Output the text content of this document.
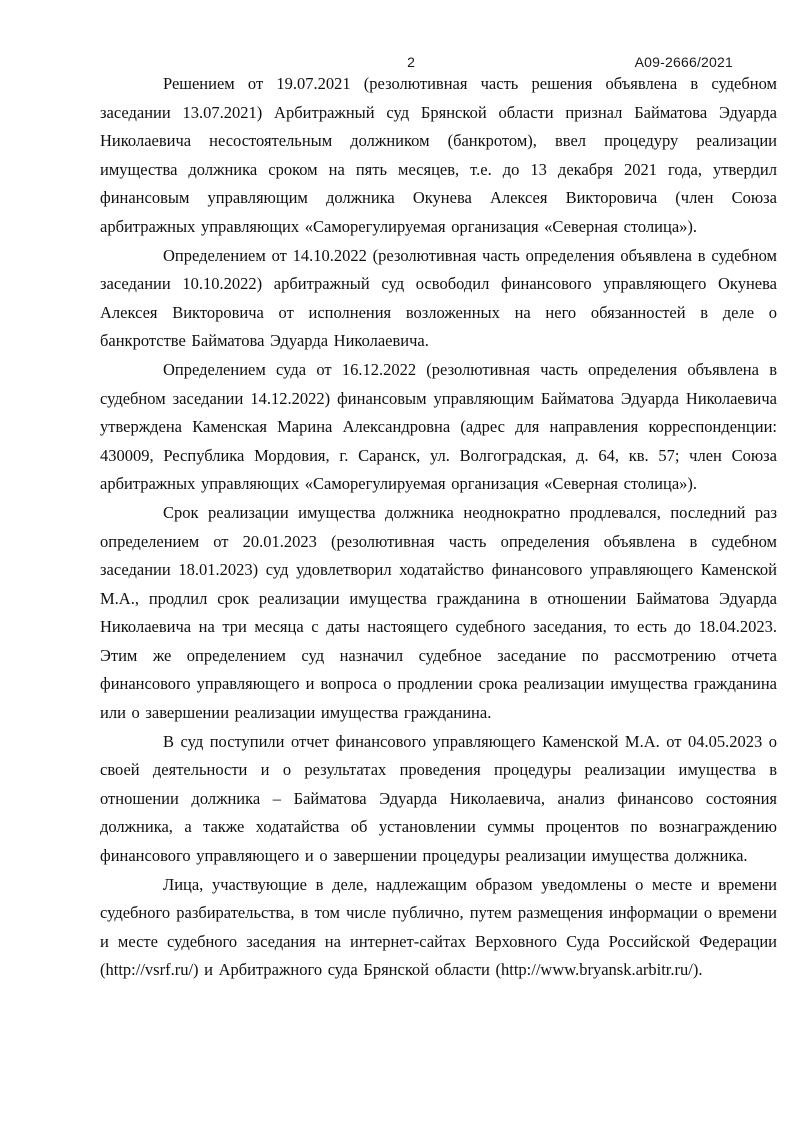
2	А09-2666/2021

Решением от 19.07.2021 (резолютивная часть решения объявлена в судебном заседании 13.07.2021) Арбитражный суд Брянской области признал Байматова Эдуарда Николаевича несостоятельным должником (банкротом), ввел процедуру реализации имущества должника сроком на пять месяцев, т.е. до 13 декабря 2021 года, утвердил финансовым управляющим должника Окунева Алексея Викторовича (член Союза арбитражных управляющих «Саморегулируемая организация «Северная столица»).

Определением от 14.10.2022 (резолютивная часть определения объявлена в судебном заседании 10.10.2022) арбитражный суд освободил финансового управляющего Окунева Алексея Викторовича от исполнения возложенных на него обязанностей в деле о банкротстве Байматова Эдуарда Николаевича.

Определением суда от 16.12.2022 (резолютивная часть определения объявлена в судебном заседании 14.12.2022) финансовым управляющим Байматова Эдуарда Николаевича утверждена Каменская Марина Александровна (адрес для направления корреспонденции: 430009, Республика Мордовия, г. Саранск, ул. Волгоградская, д. 64, кв. 57; член Союза арбитражных управляющих «Саморегулируемая организация «Северная столица»).

Срок реализации имущества должника неоднократно продлевался, последний раз определением от 20.01.2023 (резолютивная часть определения объявлена в судебном заседании 18.01.2023) суд удовлетворил ходатайство финансового управляющего Каменской М.А., продлил срок реализации имущества гражданина в отношении Байматова Эдуарда Николаевича на три месяца с даты настоящего судебного заседания, то есть до 18.04.2023. Этим же определением суд назначил судебное заседание по рассмотрению отчета финансового управляющего и вопроса о продлении срока реализации имущества гражданина или о завершении реализации имущества гражданина.

В суд поступили отчет финансового управляющего Каменской М.А. от 04.05.2023 о своей деятельности и о результатах проведения процедуры реализации имущества в отношении должника – Байматова Эдуарда Николаевича, анализ финансово состояния должника, а также ходатайства об установлении суммы процентов по вознаграждению финансового управляющего и о завершении процедуры реализации имущества должника.

Лица, участвующие в деле, надлежащим образом уведомлены о месте и времени судебного разбирательства, в том числе публично, путем размещения информации о времени и месте судебного заседания на интернет-сайтах Верховного Суда Российской Федерации (http://vsrf.ru/) и Арбитражного суда Брянской области (http://www.bryansk.arbitr.ru/).
